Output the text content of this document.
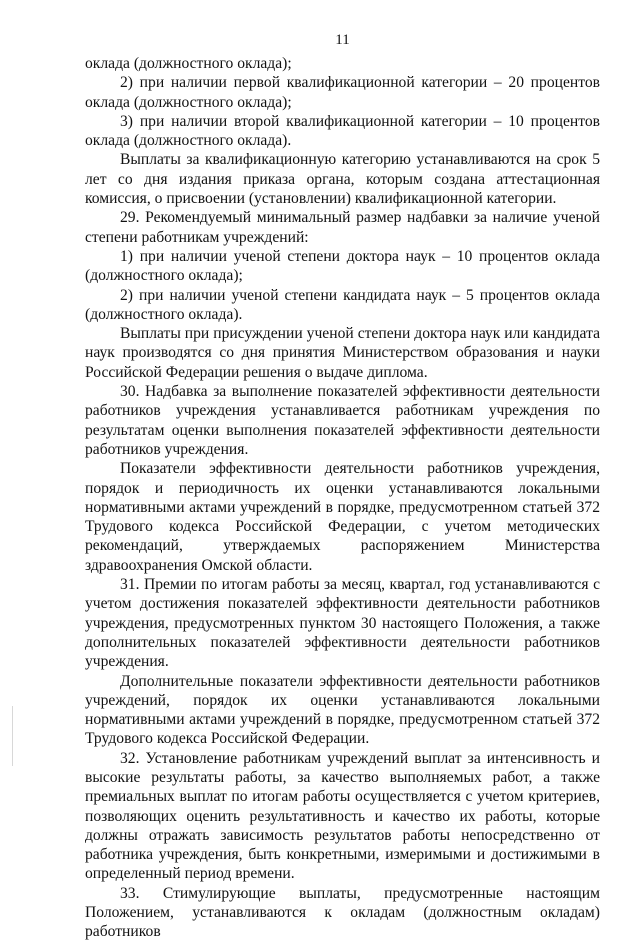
11

оклада (должностного оклада);

2) при наличии первой квалификационной категории – 20 процентов оклада (должностного оклада);

3) при наличии второй квалификационной категории – 10 процентов оклада (должностного оклада).

Выплаты за квалификационную категорию устанавливаются на срок 5 лет со дня издания приказа органа, которым создана аттестационная комиссия, о присвоении (установлении) квалификационной категории.

29. Рекомендуемый минимальный размер надбавки за наличие ученой степени работникам учреждений:

1) при наличии ученой степени доктора наук – 10 процентов оклада (должностного оклада);

2) при наличии ученой степени кандидата наук – 5 процентов оклада (должностного оклада).

Выплаты при присуждении ученой степени доктора наук или кандидата наук производятся со дня принятия Министерством образования и науки Российской Федерации решения о выдаче диплома.

30. Надбавка за выполнение показателей эффективности деятельности работников учреждения устанавливается работникам учреждения по результатам оценки выполнения показателей эффективности деятельности работников учреждения.

Показатели эффективности деятельности работников учреждения, порядок и периодичность их оценки устанавливаются локальными нормативными актами учреждений в порядке, предусмотренном статьей 372 Трудового кодекса Российской Федерации, с учетом методических рекомендаций, утверждаемых распоряжением Министерства здравоохранения Омской области.

31. Премии по итогам работы за месяц, квартал, год устанавливаются с учетом достижения показателей эффективности деятельности работников учреждения, предусмотренных пунктом 30 настоящего Положения, а также дополнительных показателей эффективности деятельности работников учреждения.

Дополнительные показатели эффективности деятельности работников учреждений, порядок их оценки устанавливаются локальными нормативными актами учреждений в порядке, предусмотренном статьей 372 Трудового кодекса Российской Федерации.

32. Установление работникам учреждений выплат за интенсивность и высокие результаты работы, за качество выполняемых работ, а также премиальных выплат по итогам работы осуществляется с учетом критериев, позволяющих оценить результативность и качество их работы, которые должны отражать зависимость результатов работы непосредственно от работника учреждения, быть конкретными, измеримыми и достижимыми в определенный период времени.

33. Стимулирующие выплаты, предусмотренные настоящим Положением, устанавливаются к окладам (должностным окладам) работников
